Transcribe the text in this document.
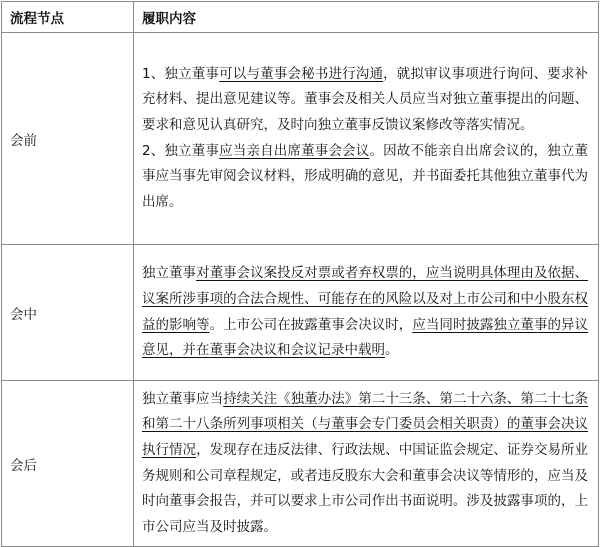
流程节点	履职内容
会前	1、独立董事可以与董事会秘书进行沟通，就拟审议事项进行询问、要求补充材料、提出意见建议等。董事会及相关人员应当对独立董事提出的问题、要求和意见认真研究，及时向独立董事反馈议案修改等落实情况。

2、独立董事应当亲自出席董事会会议。因故不能亲自出席会议的，独立董事应当事先审阅会议材料，形成明确的意见，并书面委托其他独立董事代为出席。

会中	独立董事对董事会议案投反对票或者弃权票的，应当说明具体理由及依据、议案所涉事项的合法合规性、可能存在的风险以及对上市公司和中小股东权益的影响等。上市公司在披露董事会决议时，应当同时披露独立董事的异议意见，并在董事会决议和会议记录中载明。

会后	独立董事应当持续关注《独董办法》第二十三条、第二十六条、第二十七条和第二十八条所列事项相关（与董事会专门委员会相关职责）的董事会决议执行情况，发现存在违反法律、行政法规、中国证监会规定、证券交易所业务规则和公司章程规定，或者违反股东大会和董事会决议等情形的，应当及时向董事会报告，并可以要求上市公司作出书面说明。涉及披露事项的，上市公司应当及时披露。
